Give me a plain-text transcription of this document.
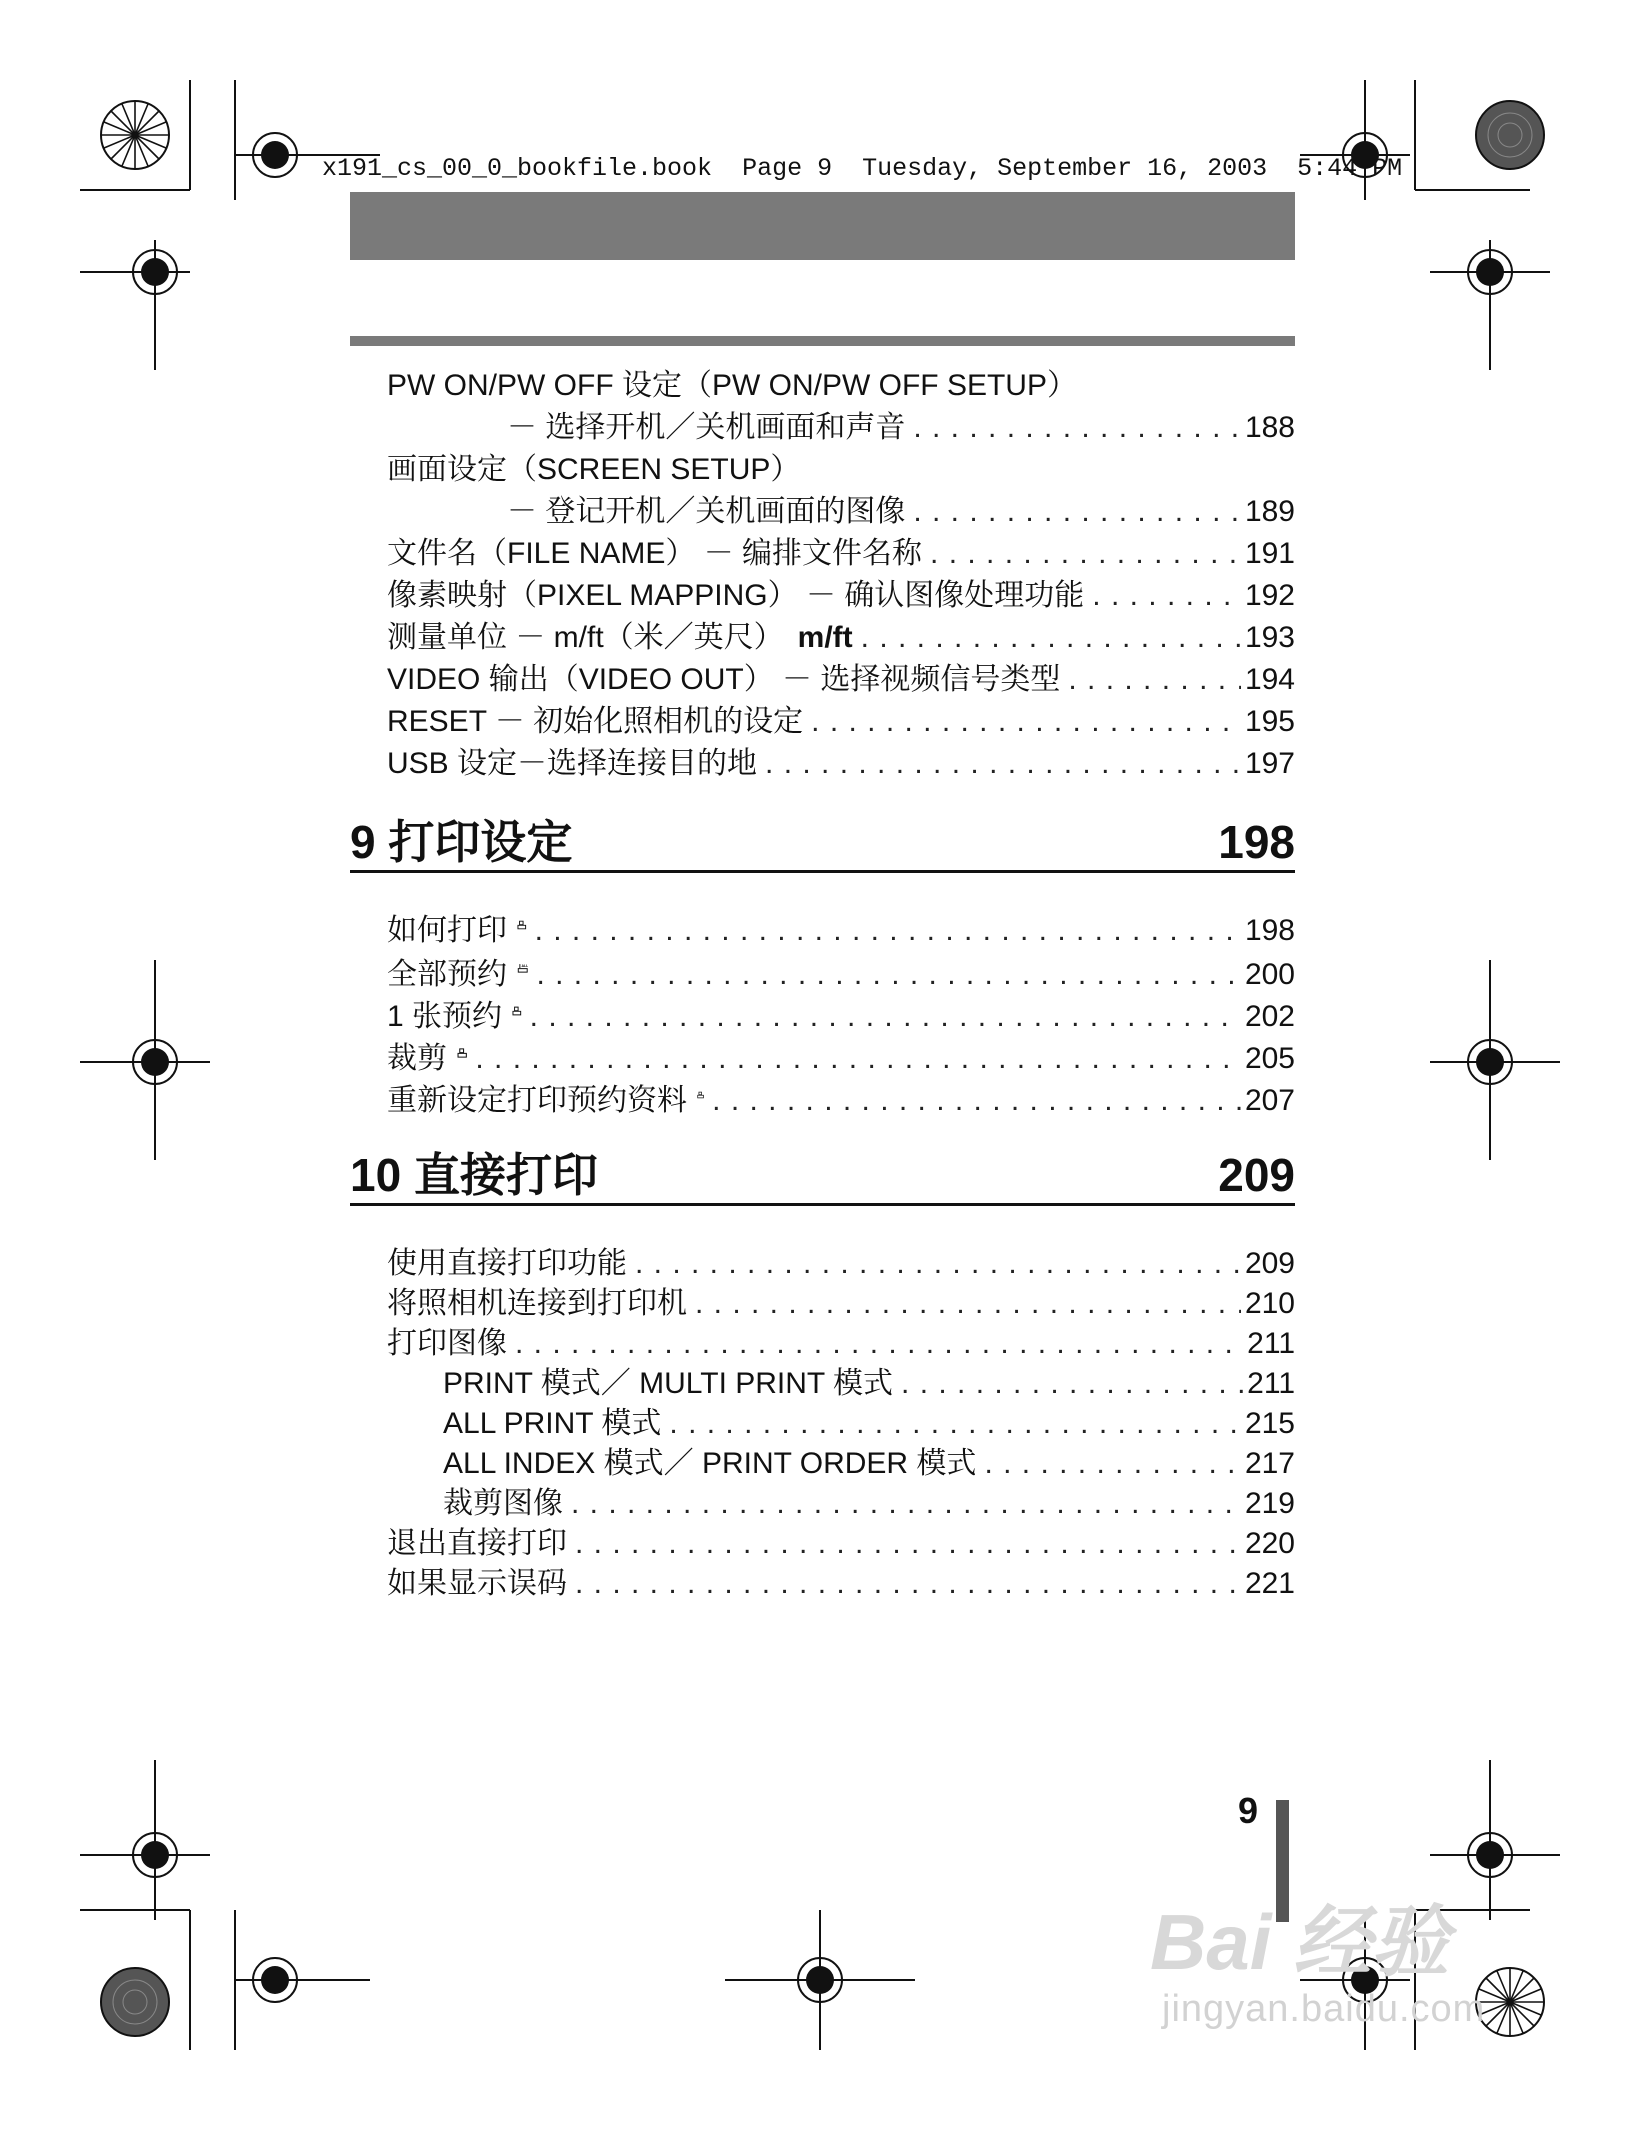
x191_cs_00_0_bookfile.book  Page 9  Tuesday, September 16, 2003  5:44 PM
PW ON/PW OFF 设定（PW ON/PW OFF SETUP）
－ 选择开机／关机画面和声音 . . .	188
画面设定（SCREEN SETUP）
－ 登记开机／关机画面的图像 . . .	189
文件名（FILE NAME） － 编排文件名称 . . .	191
像素映射（PIXEL MAPPING） － 确认图像处理功能 . . .	192
测量单位 － m/ft（米／英尺） m/ft . . .	193
VIDEO 输出（VIDEO OUT） － 选择视频信号类型 . . .	194
RESET － 初始化照相机的设定 . . .	195
USB 设定－选择连接目的地 . . .	197
9 打印设定	198
如何打印 . . .	198
全部预约 ALL . . .	200
1 张预约 . . .	202
裁剪 . . .	205
重新设定打印预约资料 . . .	207
10 直接打印	209
使用直接打印功能 . . .	209
将照相机连接到打印机 . . .	210
打印图像 . . .	211
PRINT 模式／ MULTI PRINT 模式 . . .	211
ALL PRINT 模式 . . .	215
ALL INDEX 模式／ PRINT ORDER 模式 . . .	217
裁剪图像 . . .	219
退出直接打印 . . .	220
如果显示误码 . . .	221
9
Bai 经验
jingyan.baidu.com
